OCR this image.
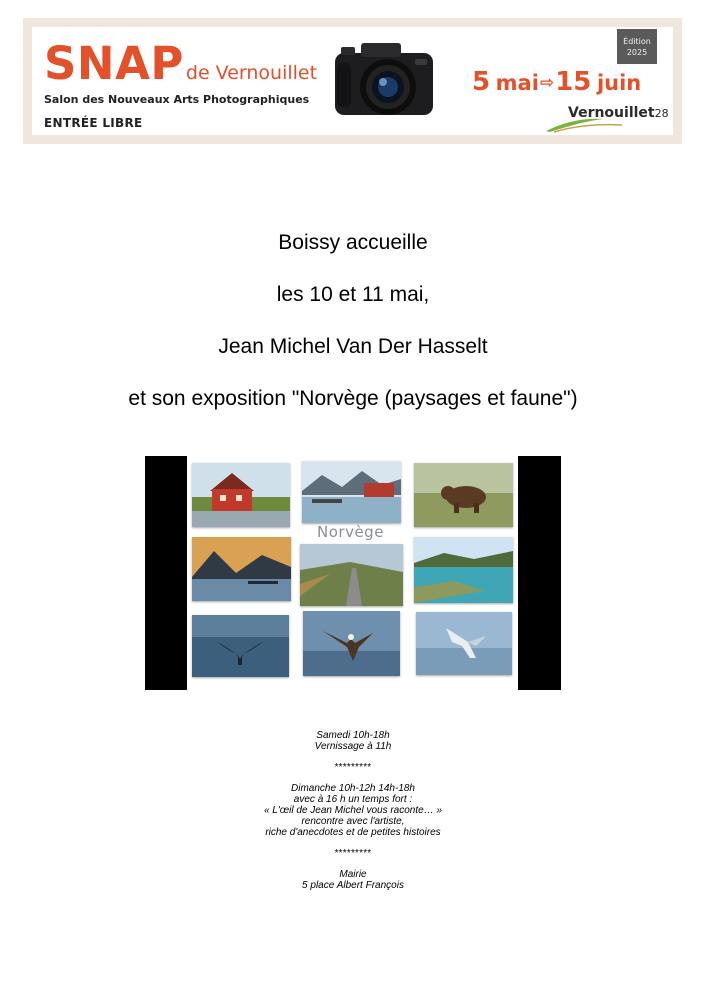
SNAP de Vernouillet
Salon des Nouveaux Arts Photographiques
ENTRÉE LIBRE
Édition
2025
5 mai⇨15 juin
Vernouillet28

Boissy accueille

les 10 et 11 mai,

Jean Michel Van Der Hasselt

et son exposition "Norvège (paysages et faune")

Norvège
Samedi 10h-18h
Vernissage à 11h
*********
Dimanche 10h-12h 14h-18h
avec à 16 h un temps fort :
« L'œil de Jean Michel vous raconte… »
rencontre avec l'artiste,
riche d'anecdotes et de petites histoires
*********
Mairie
5 place Albert François
